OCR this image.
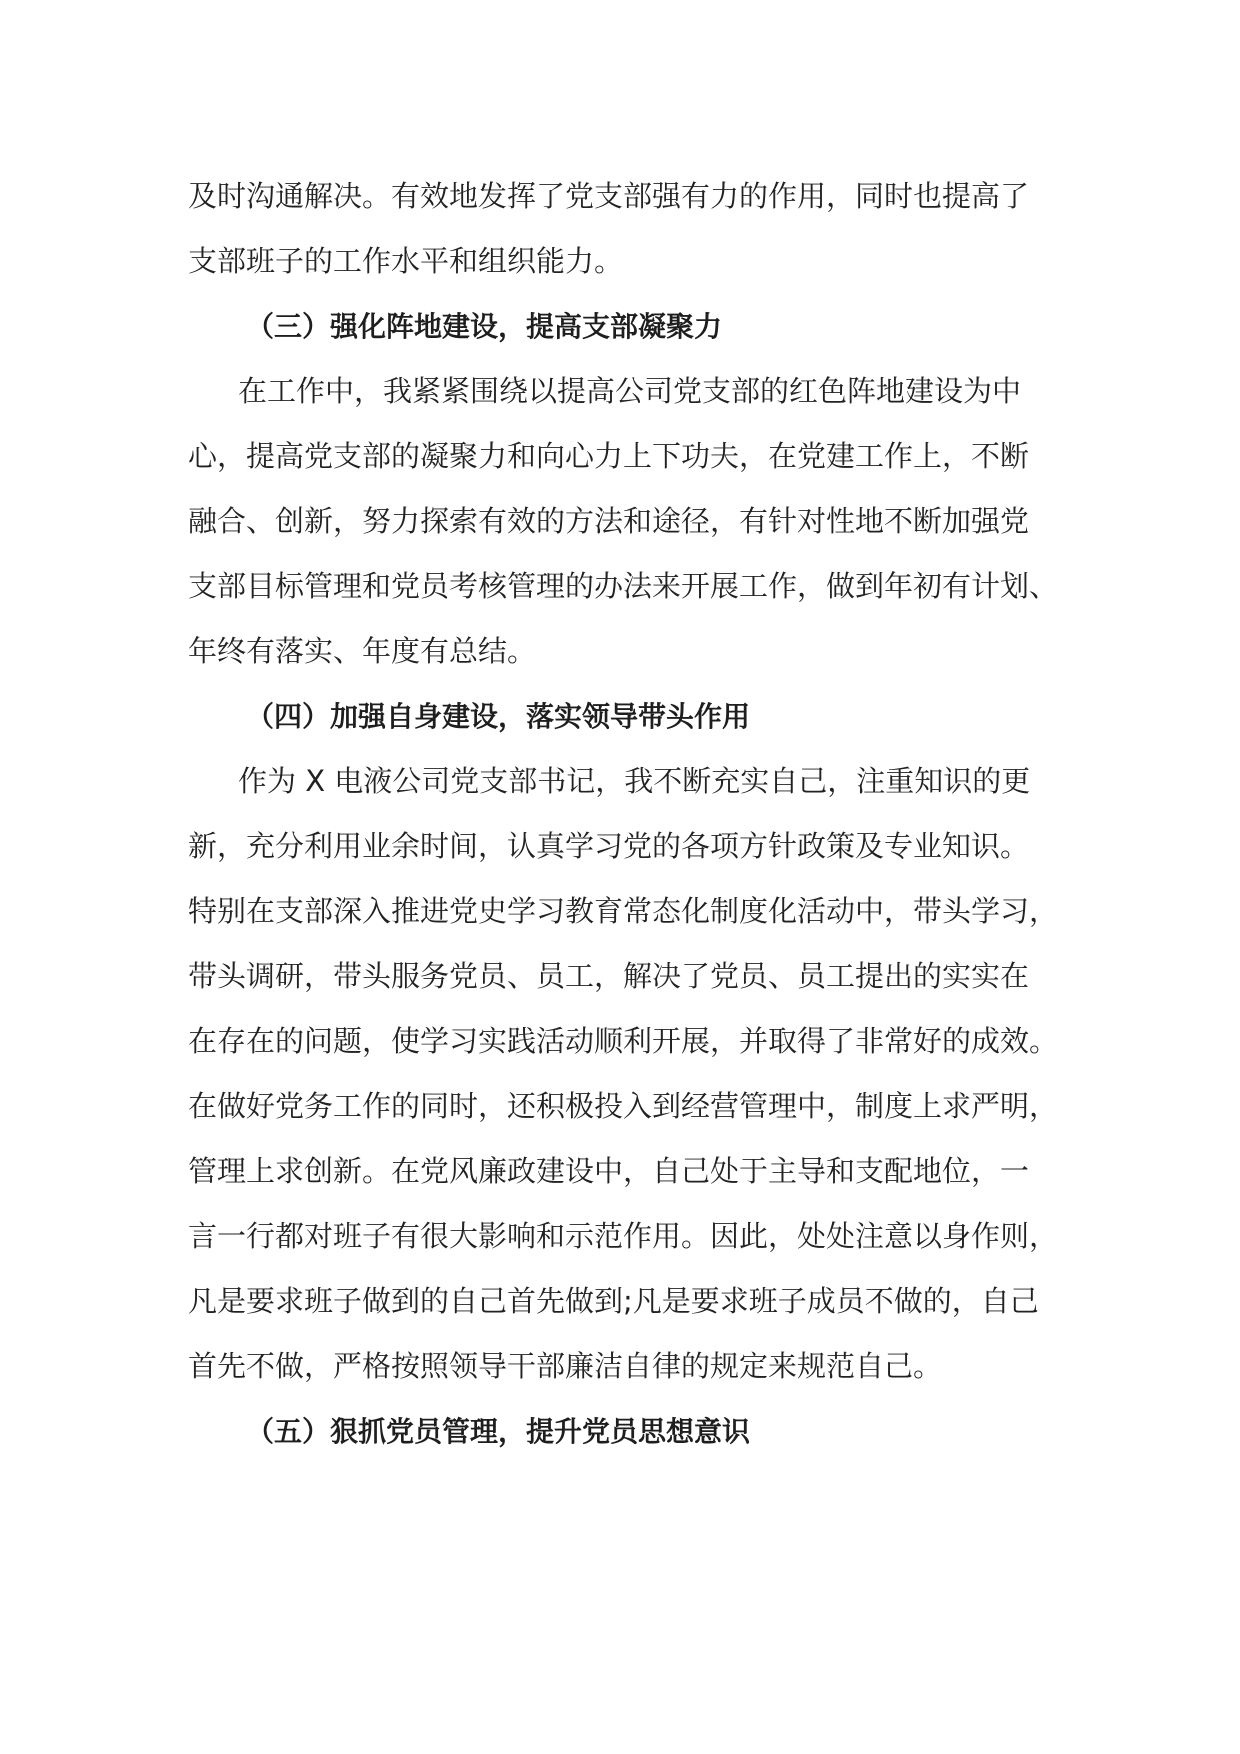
及时沟通解决。有效地发挥了党支部强有力的作用，同时也提高了
支部班子的工作水平和组织能力。
（三）强化阵地建设，提高支部凝聚力
在工作中，我紧紧围绕以提高公司党支部的红色阵地建设为中
心，提高党支部的凝聚力和向心力上下功夫，在党建工作上，不断
融合、创新，努力探索有效的方法和途径，有针对性地不断加强党
支部目标管理和党员考核管理的办法来开展工作，做到年初有计划、
年终有落实、年度有总结。
（四）加强自身建设，落实领导带头作用
作为 X 电液公司党支部书记，我不断充实自己，注重知识的更
新，充分利用业余时间，认真学习党的各项方针政策及专业知识。
特别在支部深入推进党史学习教育常态化制度化活动中，带头学习，
带头调研，带头服务党员、员工，解决了党员、员工提出的实实在
在存在的问题，使学习实践活动顺利开展，并取得了非常好的成效。
在做好党务工作的同时，还积极投入到经营管理中，制度上求严明，
管理上求创新。在党风廉政建设中，自己处于主导和支配地位，一
言一行都对班子有很大影响和示范作用。因此，处处注意以身作则，
凡是要求班子做到的自己首先做到;凡是要求班子成员不做的，自己
首先不做，严格按照领导干部廉洁自律的规定来规范自己。
（五）狠抓党员管理，提升党员思想意识
